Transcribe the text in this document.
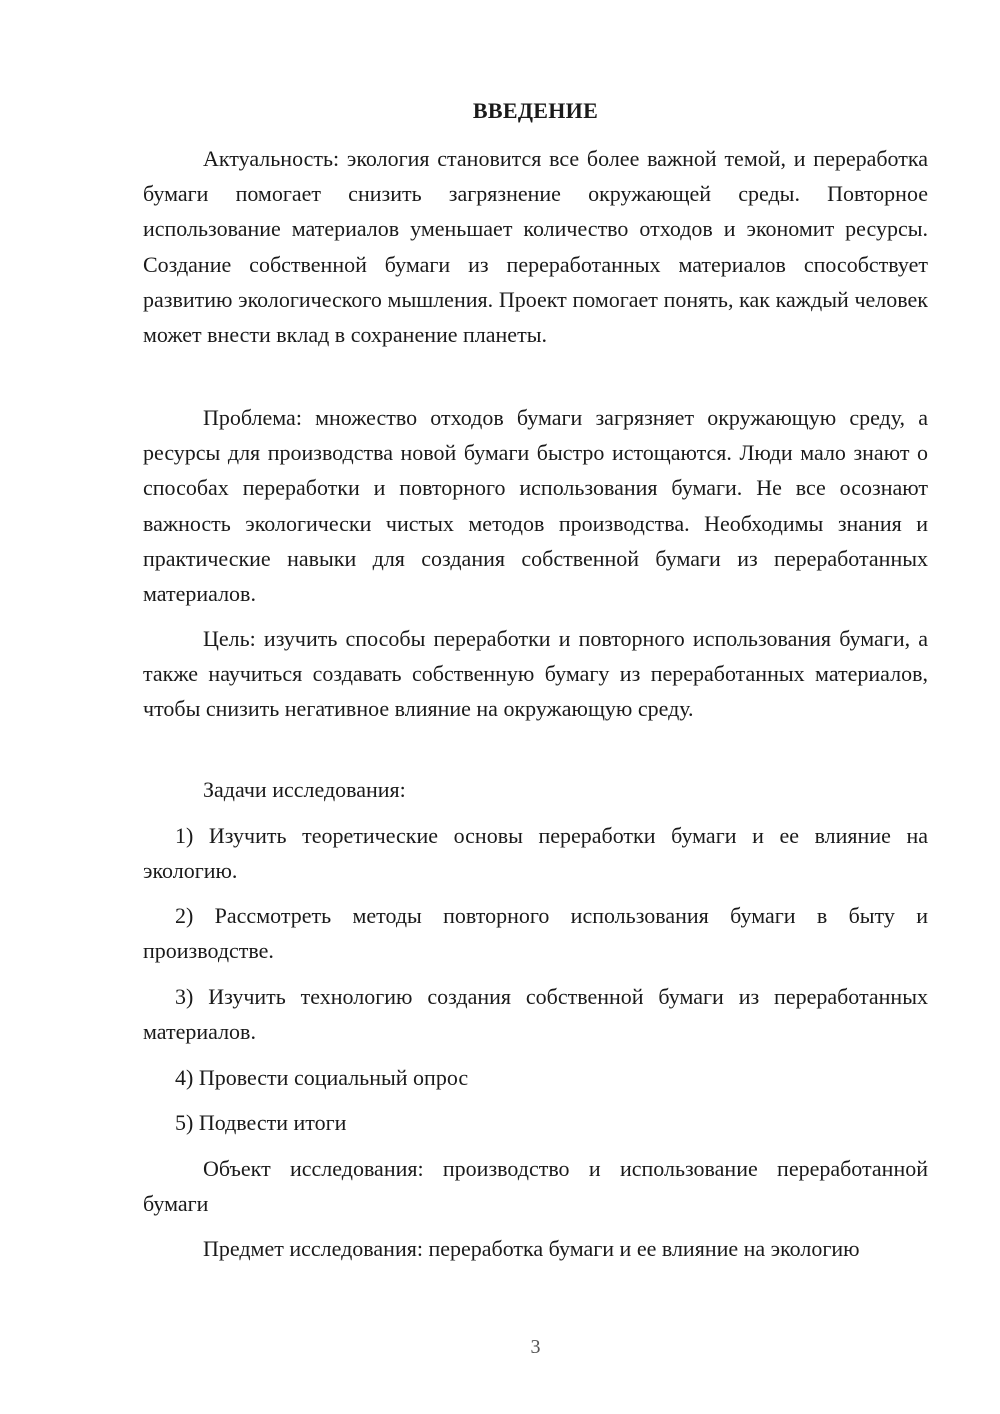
ВВЕДЕНИЕ

Актуальность: экология становится все более важной темой, и переработка бумаги помогает снизить загрязнение окружающей среды. Повторное использование материалов уменьшает количество отходов и экономит ресурсы. Создание собственной бумаги из переработанных материалов способствует развитию экологического мышления. Проект помогает понять, как каждый человек может внести вклад в сохранение планеты.

Проблема: множество отходов бумаги загрязняет окружающую среду, а ресурсы для производства новой бумаги быстро истощаются. Люди мало знают о способах переработки и повторного использования бумаги. Не все осознают важность экологически чистых методов производства. Необходимы знания и практические навыки для создания собственной бумаги из переработанных материалов.

Цель: изучить способы переработки и повторного использования бумаги, а также научиться создавать собственную бумагу из переработанных материалов, чтобы снизить негативное влияние на окружающую среду.

Задачи исследования:

1) Изучить теоретические основы переработки бумаги и ее влияние на экологию.

2) Рассмотреть методы повторного использования бумаги в быту и производстве.

3) Изучить технологию создания собственной бумаги из переработанных материалов.

4) Провести социальный опрос

5) Подвести итоги

Объект исследования: производство и использование переработанной бумаги

Предмет исследования: переработка бумаги и ее влияние на экологию

3
